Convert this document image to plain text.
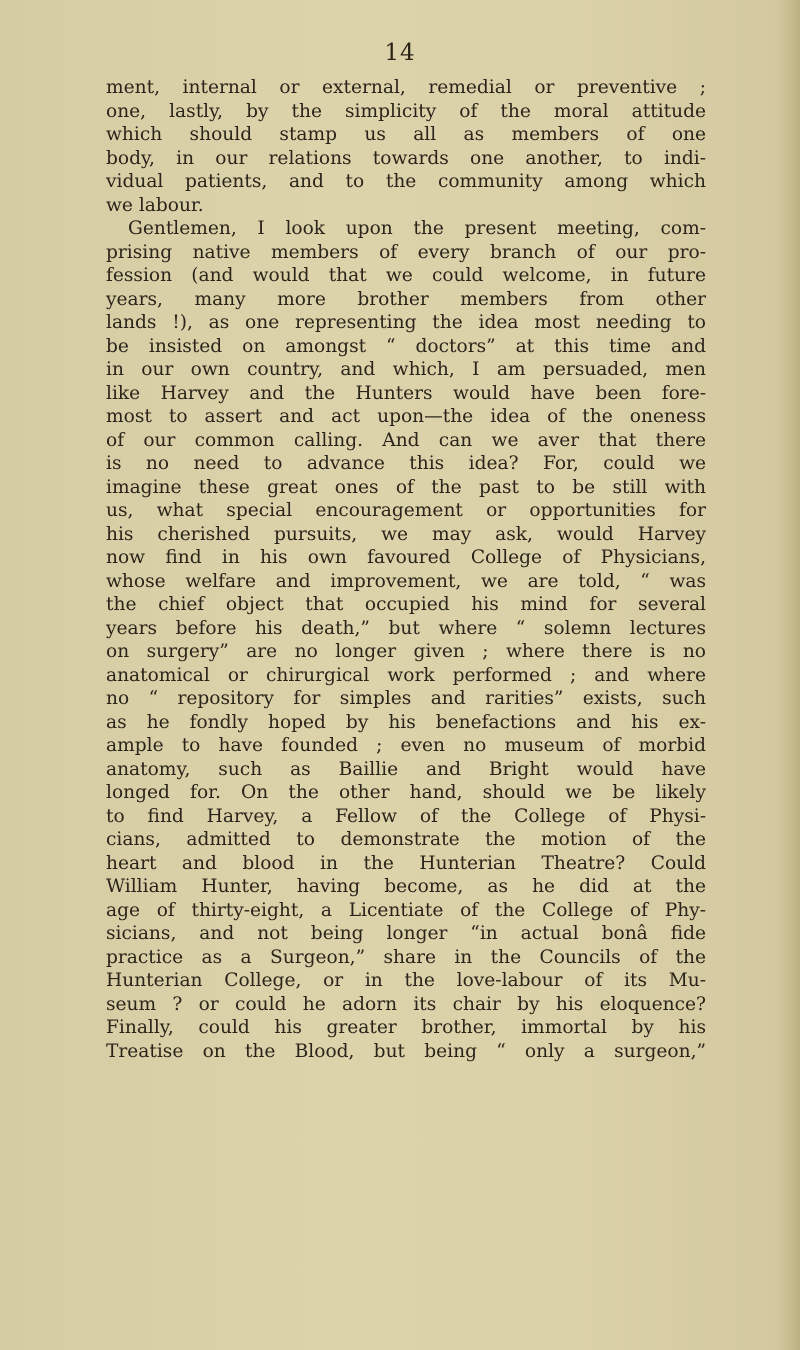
14
ment, internal or external, remedial or preventive ;
one, lastly, by the simplicity of the moral attitude
which should stamp us all as members of one
body, in our relations towards one another, to indi-
vidual patients, and to the community among which
we labour.
Gentlemen, I look upon the present meeting, com-
prising native members of every branch of our pro-
fession (and would that we could welcome, in future
years, many more brother members from other
lands !), as one representing the idea most needing to
be insisted on amongst “ doctors” at this time and
in our own country, and which, I am persuaded, men
like Harvey and the Hunters would have been fore-
most to assert and act upon—the idea of the oneness
of our common calling. And can we aver that there
is no need to advance this idea? For, could we
imagine these great ones of the past to be still with
us, what special encouragement or opportunities for
his cherished pursuits, we may ask, would Harvey
now find in his own favoured College of Physicians,
whose welfare and improvement, we are told, “ was
the chief object that occupied his mind for several
years before his death,” but where “ solemn lectures
on surgery” are no longer given ; where there is no
anatomical or chirurgical work performed ; and where
no “ repository for simples and rarities” exists, such
as he fondly hoped by his benefactions and his ex-
ample to have founded ; even no museum of morbid
anatomy, such as Baillie and Bright would have
longed for. On the other hand, should we be likely
to find Harvey, a Fellow of the College of Physi-
cians, admitted to demonstrate the motion of the
heart and blood in the Hunterian Theatre? Could
William Hunter, having become, as he did at the
age of thirty-eight, a Licentiate of the College of Phy-
sicians, and not being longer “in actual bonâ fide
practice as a Surgeon,” share in the Councils of the
Hunterian College, or in the love-labour of its Mu-
seum ? or could he adorn its chair by his eloquence?
Finally, could his greater brother, immortal by his
Treatise on the Blood, but being “ only a surgeon,”
